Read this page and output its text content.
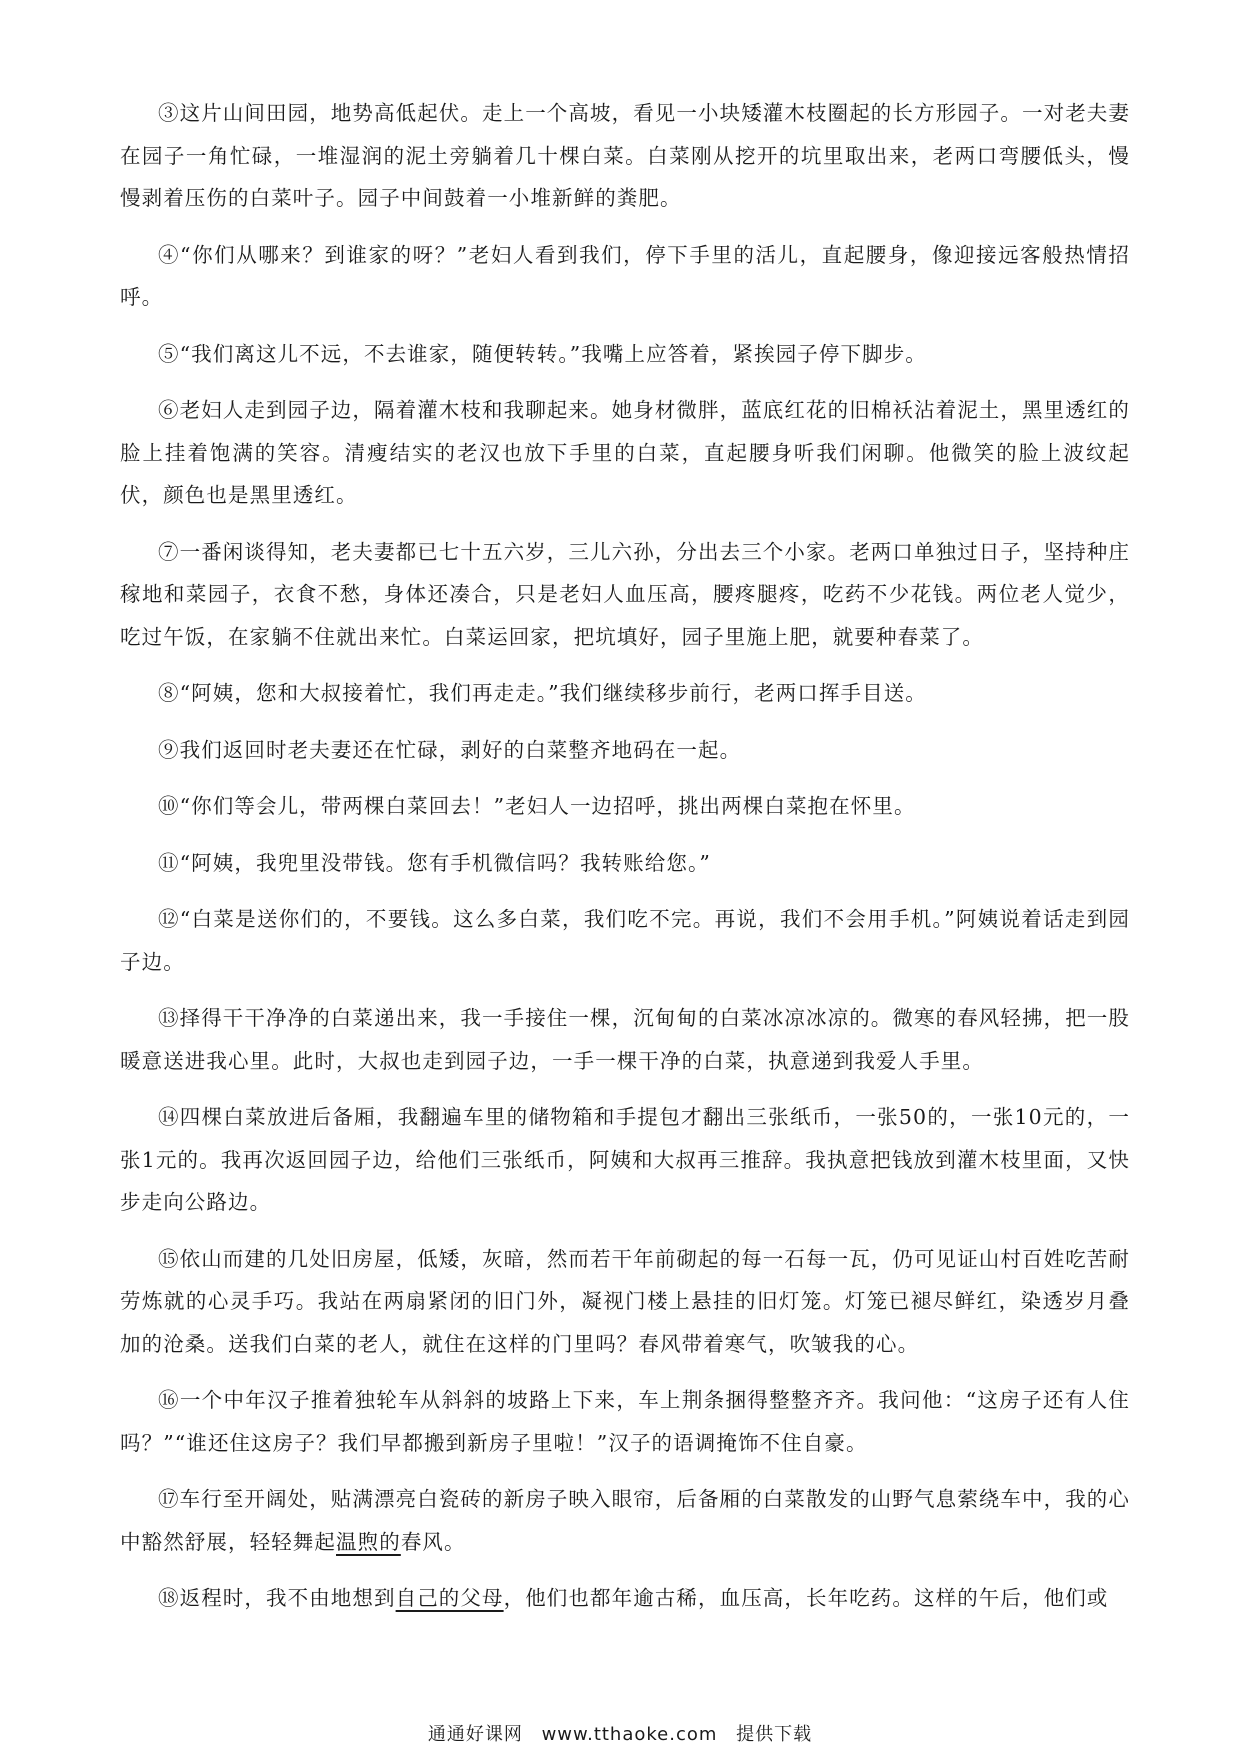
③这片山间田园，地势高低起伏。走上一个高坡，看见一小块矮灌木枝圈起的长方形园子。一对老夫妻在园子一角忙碌，一堆湿润的泥土旁躺着几十棵白菜。白菜刚从挖开的坑里取出来，老两口弯腰低头，慢慢剥着压伤的白菜叶子。园子中间鼓着一小堆新鲜的粪肥。

④“你们从哪来？到谁家的呀？”老妇人看到我们，停下手里的活儿，直起腰身，像迎接远客般热情招呼。

⑤“我们离这儿不远，不去谁家，随便转转。”我嘴上应答着，紧挨园子停下脚步。

⑥老妇人走到园子边，隔着灌木枝和我聊起来。她身材微胖，蓝底红花的旧棉袄沾着泥土，黑里透红的脸上挂着饱满的笑容。清瘦结实的老汉也放下手里的白菜，直起腰身听我们闲聊。他微笑的脸上波纹起伏，颜色也是黑里透红。

⑦一番闲谈得知，老夫妻都已七十五六岁，三儿六孙，分出去三个小家。老两口单独过日子，坚持种庄稼地和菜园子，衣食不愁，身体还凑合，只是老妇人血压高，腰疼腿疼，吃药不少花钱。两位老人觉少，吃过午饭，在家躺不住就出来忙。白菜运回家，把坑填好，园子里施上肥，就要种春菜了。

⑧“阿姨，您和大叔接着忙，我们再走走。”我们继续移步前行，老两口挥手目送。

⑨我们返回时老夫妻还在忙碌，剥好的白菜整齐地码在一起。

⑩“你们等会儿，带两棵白菜回去！”老妇人一边招呼，挑出两棵白菜抱在怀里。

⑪“阿姨，我兜里没带钱。您有手机微信吗？我转账给您。”

⑫“白菜是送你们的，不要钱。这么多白菜，我们吃不完。再说，我们不会用手机。”阿姨说着话走到园子边。

⑬择得干干净净的白菜递出来，我一手接住一棵，沉甸甸的白菜冰凉冰凉的。微寒的春风轻拂，把一股暖意送进我心里。此时，大叔也走到园子边，一手一棵干净的白菜，执意递到我爱人手里。

⑭四棵白菜放进后备厢，我翻遍车里的储物箱和手提包才翻出三张纸币，一张50的，一张10元的，一张1元的。我再次返回园子边，给他们三张纸币，阿姨和大叔再三推辞。我执意把钱放到灌木枝里面，又快步走向公路边。

⑮依山而建的几处旧房屋，低矮，灰暗，然而若干年前砌起的每一石每一瓦，仍可见证山村百姓吃苦耐劳炼就的心灵手巧。我站在两扇紧闭的旧门外，凝视门楼上悬挂的旧灯笼。灯笼已褪尽鲜红，染透岁月叠加的沧桑。送我们白菜的老人，就住在这样的门里吗？春风带着寒气，吹皱我的心。

⑯一个中年汉子推着独轮车从斜斜的坡路上下来，车上荆条捆得整整齐齐。我问他：“这房子还有人住吗？”“谁还住这房子？我们早都搬到新房子里啦！”汉子的语调掩饰不住自豪。

⑰车行至开阔处，贴满漂亮白瓷砖的新房子映入眼帘，后备厢的白菜散发的山野气息萦绕车中，我的心中豁然舒展，轻轻舞起温煦的春风。

⑱返程时，我不由地想到自己的父母，他们也都年逾古稀，血压高，长年吃药。这样的午后，他们或

通通好课网 www.tthaoke.com 提供下载
